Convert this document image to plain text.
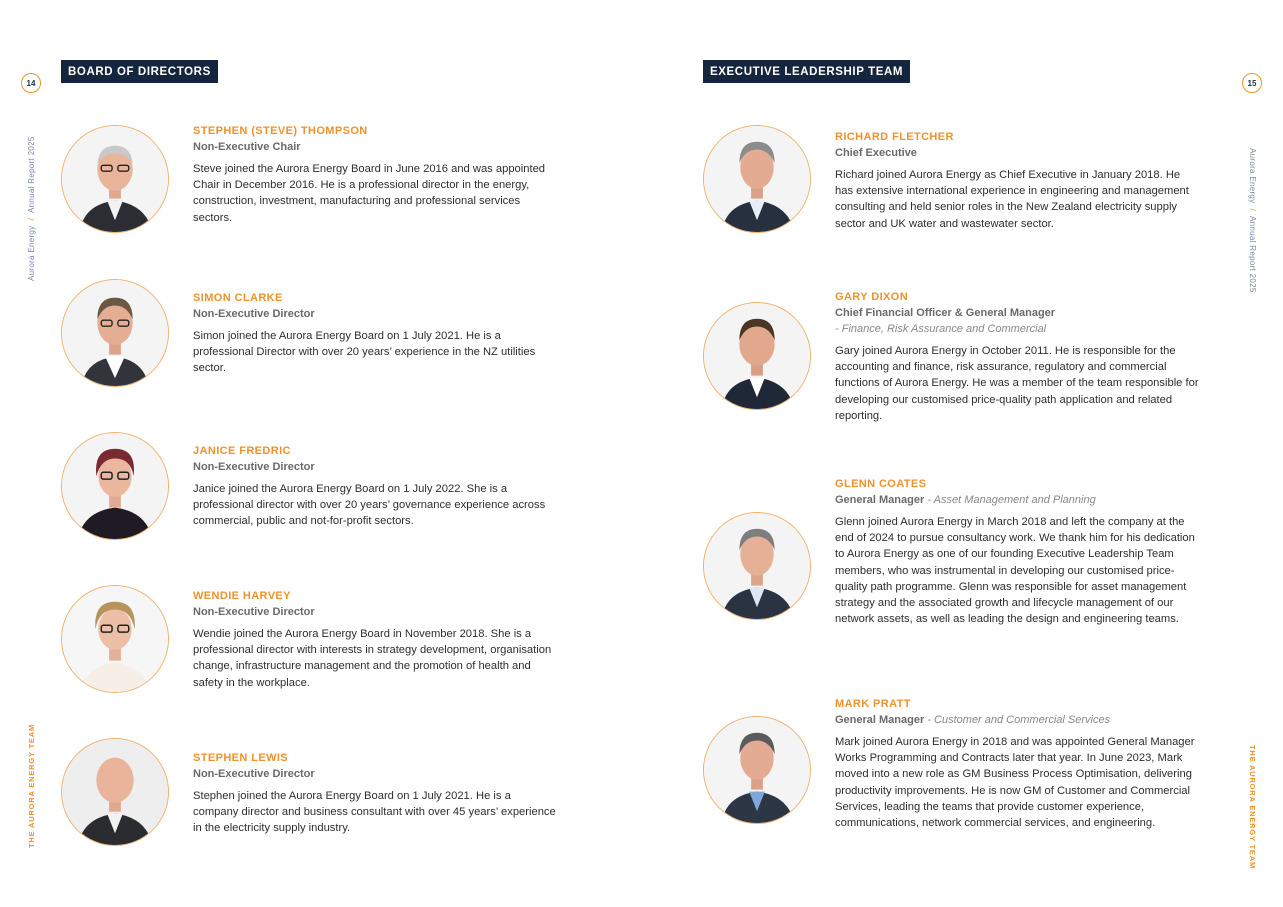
14
Aurora Energy/Annual Report 2025
THE AURORA ENERGY TEAM
BOARD OF DIRECTORS
STEPHEN (STEVE) THOMPSON
Non-Executive Chair
Steve joined the Aurora Energy Board in June 2016 and was appointed Chair in December 2016. He is a professional director in the energy, construction, investment, manufacturing and professional services sectors.
SIMON CLARKE
Non-Executive Director
Simon joined the Aurora Energy Board on 1 July 2021. He is a professional Director with over 20 years’ experience in the NZ utilities sector.
JANICE FREDRIC
Non-Executive Director
Janice joined the Aurora Energy Board on 1 July 2022. She is a professional director with over 20 years’ governance experience across commercial, public and not-for-profit sectors.
WENDIE HARVEY
Non-Executive Director
Wendie joined the Aurora Energy Board in November 2018. She is a professional director with interests in strategy development, organisation change, infrastructure management and the promotion of health and safety in the workplace.
STEPHEN LEWIS
Non-Executive Director
Stephen joined the Aurora Energy Board on 1 July 2021. He is a company director and business consultant with over 45 years’ experience in the electricity supply industry.
15
Aurora Energy/Annual Report 2025
THE AURORA ENERGY TEAM
EXECUTIVE LEADERSHIP TEAM
RICHARD FLETCHER
Chief Executive
Richard joined Aurora Energy as Chief Executive in January 2018. He has extensive international experience in engineering and management consulting and held senior roles in the New Zealand electricity supply sector and UK water and wastewater sector.
GARY DIXON
Chief Financial Officer & General Manager
- Finance, Risk Assurance and Commercial
Gary joined Aurora Energy in October 2011. He is responsible for the accounting and finance, risk assurance, regulatory and commercial functions of Aurora Energy. He was a member of the team responsible for developing our customised price-quality path application and related reporting.
GLENN COATES
General Manager - Asset Management and Planning
Glenn joined Aurora Energy in March 2018 and left the company at the end of 2024 to pursue consultancy work. We thank him for his dedication to Aurora Energy as one of our founding Executive Leadership Team members, who was instrumental in developing our customised price-quality path programme. Glenn was responsible for asset management strategy and the associated growth and lifecycle management of our network assets, as well as leading the design and engineering teams.
MARK PRATT
General Manager - Customer and Commercial Services
Mark joined Aurora Energy in 2018 and was appointed General Manager Works Programming and Contracts later that year. In June 2023, Mark moved into a new role as GM Business Process Optimisation, delivering productivity improvements. He is now GM of Customer and Commercial Services, leading the teams that provide customer experience, communications, network commercial services, and engineering.
